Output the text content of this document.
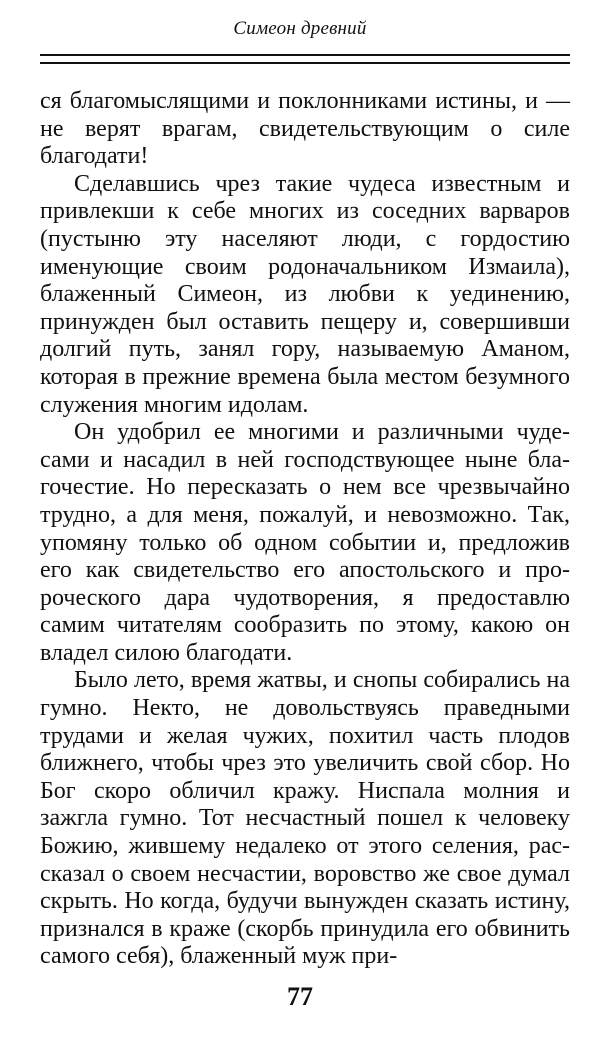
Симеон древний

ся благомыслящими и поклонниками истины, и — не верят врагам, свидетельствующим о силе благодати!

Сделавшись чрез такие чудеса известным и привлекши к себе многих из соседних варваров (пустыню эту населяют люди, с гордостию именующие своим родоначальником Измаила), блаженный Симеон, из любви к уединению, принужден был оставить пещеру и, совершивши долгий путь, занял гору, называемую Аманом, которая в прежние времена была местом безумного служения многим идолам.

Он удобрил ее многими и различными чудесами и насадил в ней господствующее ныне благочестие. Но пересказать о нем все чрезвычайно трудно, а для меня, пожалуй, и невозможно. Так, упомяну только об одном событии и, предложив его как свидетельство его апостольского и пророческого дара чудотворения, я предоставлю самим читателям сообразить по этому, какою он владел силою благодати.

Было лето, время жатвы, и снопы собирались на гумно. Некто, не довольствуясь праведными трудами и желая чужих, похитил часть плодов ближнего, чтобы чрез это увеличить свой сбор. Но Бог скоро обличил кражу. Ниспала молния и зажгла гумно. Тот несчастный пошел к человеку Божию, жившему недалеко от этого селения, рассказал о своем несчастии, воровство же свое думал скрыть. Но когда, будучи вынужден сказать истину, признался в краже (скорбь принудила его обвинить самого себя), блаженный муж при-

77
